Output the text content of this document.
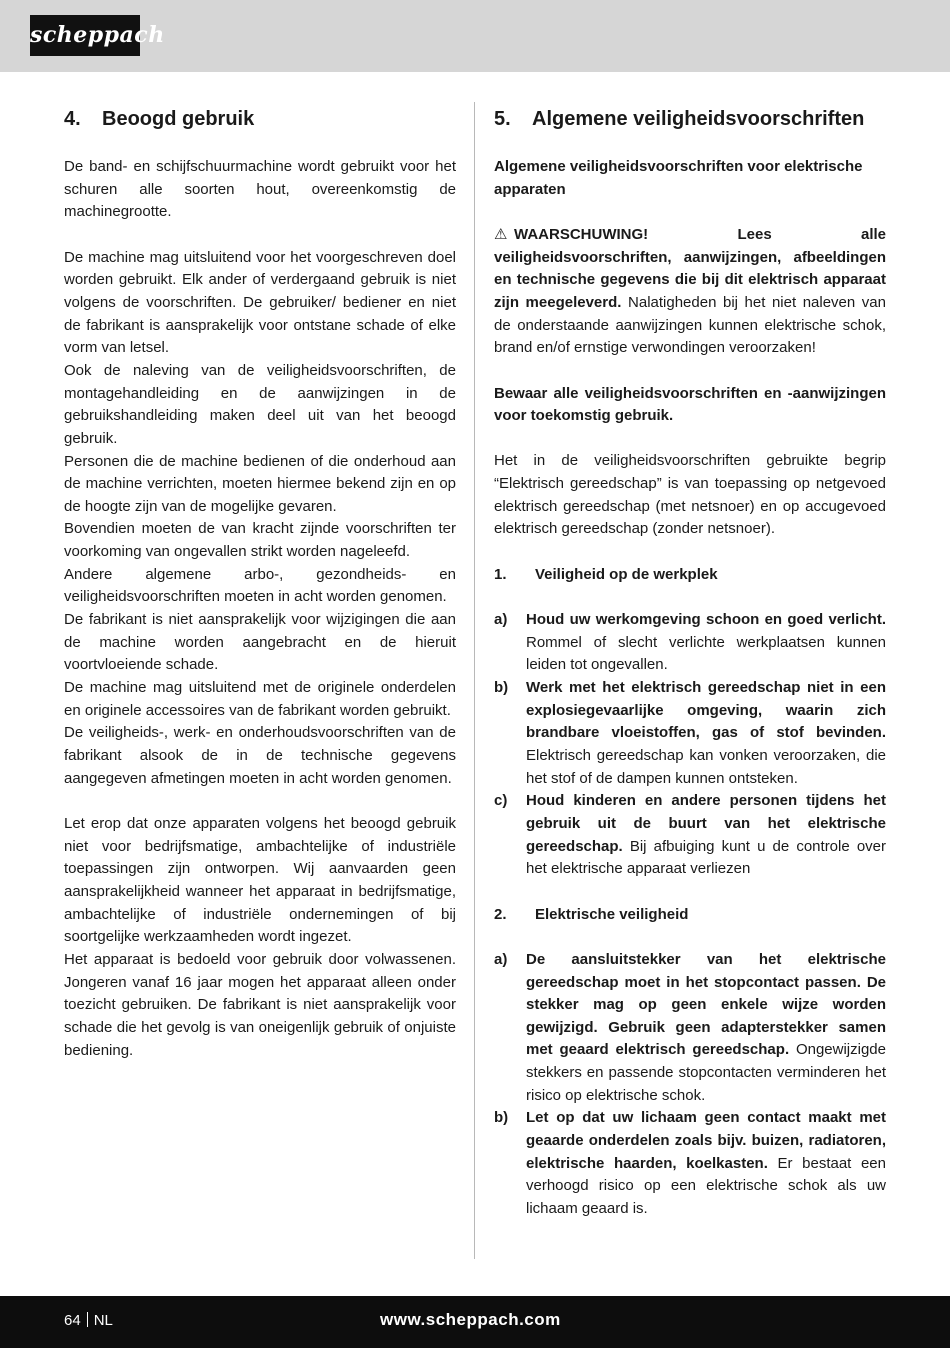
scheppach
4.	Beoogd gebruik

De band- en schijfschuurmachine wordt gebruikt voor het schuren alle soorten hout, overeenkomstig de machinegrootte.

De machine mag uitsluitend voor het voorgeschreven doel worden gebruikt. Elk ander of verdergaand gebruik is niet volgens de voorschriften. De gebruiker/ bediener en niet de fabrikant is aansprakelijk voor ontstane schade of elke vorm van letsel.

Ook de naleving van de veiligheidsvoorschriften, de montagehandleiding en de aanwijzingen in de gebruikshandleiding maken deel uit van het beoogd gebruik.

Personen die de machine bedienen of die onderhoud aan de machine verrichten, moeten hiermee bekend zijn en op de hoogte zijn van de mogelijke gevaren.

Bovendien moeten de van kracht zijnde voorschriften ter voorkoming van ongevallen strikt worden nageleefd.

Andere algemene arbo-, gezondheids- en veiligheidsvoorschriften moeten in acht worden genomen.

De fabrikant is niet aansprakelijk voor wijzigingen die aan de machine worden aangebracht en de hieruit voortvloeiende schade.

De machine mag uitsluitend met de originele onderdelen en originele accessoires van de fabrikant worden gebruikt.

De veiligheids-, werk- en onderhoudsvoorschriften van de fabrikant alsook de in de technische gegevens aangegeven afmetingen moeten in acht worden genomen.

Let erop dat onze apparaten volgens het beoogd gebruik niet voor bedrijfsmatige, ambachtelijke of industriële toepassingen zijn ontworpen. Wij aanvaarden geen aansprakelijkheid wanneer het apparaat in bedrijfsmatige, ambachtelijke of industriële ondernemingen of bij soortgelijke werkzaamheden wordt ingezet.

Het apparaat is bedoeld voor gebruik door volwassenen. Jongeren vanaf 16 jaar mogen het apparaat alleen onder toezicht gebruiken. De fabrikant is niet aansprakelijk voor schade die het gevolg is van oneigenlijk gebruik of onjuiste bediening.

5.	Algemene veiligheidsvoorschriften

Algemene veiligheidsvoorschriften voor elektrische apparaten

⚠ WAARSCHUWING! Lees alle veiligheidsvoorschriften, aanwijzingen, afbeeldingen en technische gegevens die bij dit elektrisch apparaat zijn meegeleverd. Nalatigheden bij het niet naleven van de onderstaande aanwijzingen kunnen elektrische schok, brand en/of ernstige verwondingen veroorzaken!

Bewaar alle veiligheidsvoorschriften en -aanwijzingen voor toekomstig gebruik.

Het in de veiligheidsvoorschriften gebruikte begrip “Elektrisch gereedschap” is van toepassing op netgevoed elektrisch gereedschap (met netsnoer) en op accugevoed elektrisch gereedschap (zonder netsnoer).

1.	Veiligheid op de werkplek
a)	Houd uw werkomgeving schoon en goed verlicht. Rommel of slecht verlichte werkplaatsen kunnen leiden tot ongevallen.

b)	Werk met het elektrisch gereedschap niet in een explosiegevaarlijke omgeving, waarin zich brandbare vloeistoffen, gas of stof bevinden. Elektrisch gereedschap kan vonken veroorzaken, die het stof of de dampen kunnen ontsteken.

c)	Houd kinderen en andere personen tijdens het gebruik uit de buurt van het elektrische gereedschap. Bij afbuiging kunt u de controle over het elektrische apparaat verliezen

2.	Elektrische veiligheid
a)	De aansluitstekker van het elektrische gereedschap moet in het stopcontact passen. De stekker mag op geen enkele wijze worden gewijzigd. Gebruik geen adapterstekker samen met geaard elektrisch gereedschap. Ongewijzigde stekkers en passende stopcontacten verminderen het risico op elektrische schok.

b)	Let op dat uw lichaam geen contact maakt met geaarde onderdelen zoals bijv. buizen, radiatoren, elektrische haarden, koelkasten. Er bestaat een verhoogd risico op een elektrische schok als uw lichaam geaard is.

64 NL	www.scheppach.com
